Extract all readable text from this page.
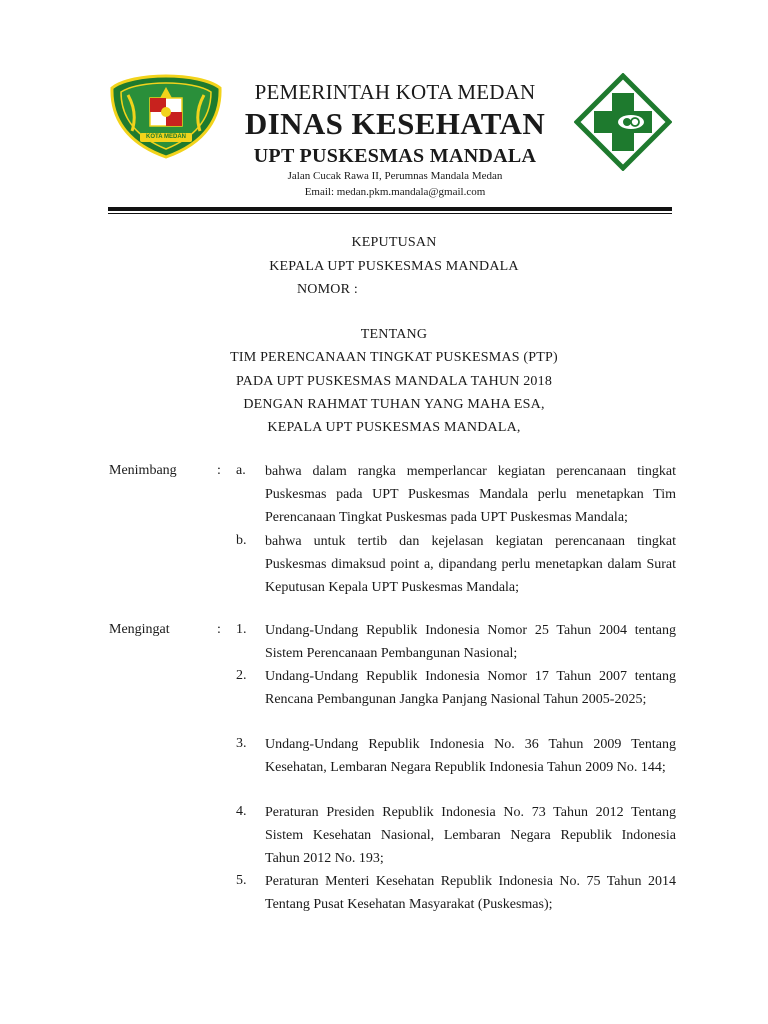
KOTA MEDAN
PEMERINTAH KOTA MEDAN
DINAS KESEHATAN
UPT PUSKESMAS MANDALA
Jalan Cucak Rawa II, Perumnas Mandala Medan
Email: medan.pkm.mandala@gmail.com
KEPUTUSAN
KEPALA UPT PUSKESMAS MANDALA
NOMOR :
TENTANG
TIM PERENCANAAN TINGKAT PUSKESMAS (PTP)
PADA UPT PUSKESMAS MANDALA TAHUN 2018
DENGAN RAHMAT TUHAN YANG MAHA ESA,
KEPALA UPT PUSKESMAS MANDALA,
Menimbang	: a. bahwa dalam rangka memperlancar kegiatan perencanaan tingkat Puskesmas pada UPT Puskesmas Mandala perlu menetapkan Tim Perencanaan Tingkat Puskesmas pada UPT Puskesmas Mandala;
b. bahwa untuk tertib dan kejelasan kegiatan perencanaan tingkat Puskesmas dimaksud point a, dipandang perlu menetapkan dalam Surat Keputusan Kepala UPT Puskesmas Mandala;
Mengingat	: 1. Undang-Undang Republik Indonesia Nomor 25 Tahun 2004 tentang Sistem Perencanaan Pembangunan Nasional;
2. Undang-Undang Republik Indonesia Nomor 17 Tahun 2007 tentang Rencana Pembangunan Jangka Panjang Nasional Tahun 2005-2025;
3. Undang-Undang Republik Indonesia No. 36 Tahun 2009 Tentang Kesehatan, Lembaran Negara Republik Indonesia Tahun 2009 No. 144;
4. Peraturan Presiden Republik Indonesia No. 73 Tahun 2012 Tentang Sistem Kesehatan Nasional, Lembaran Negara Republik Indonesia Tahun 2012 No. 193;
5. Peraturan Menteri Kesehatan Republik Indonesia No. 75 Tahun 2014 Tentang Pusat Kesehatan Masyarakat (Puskesmas);
